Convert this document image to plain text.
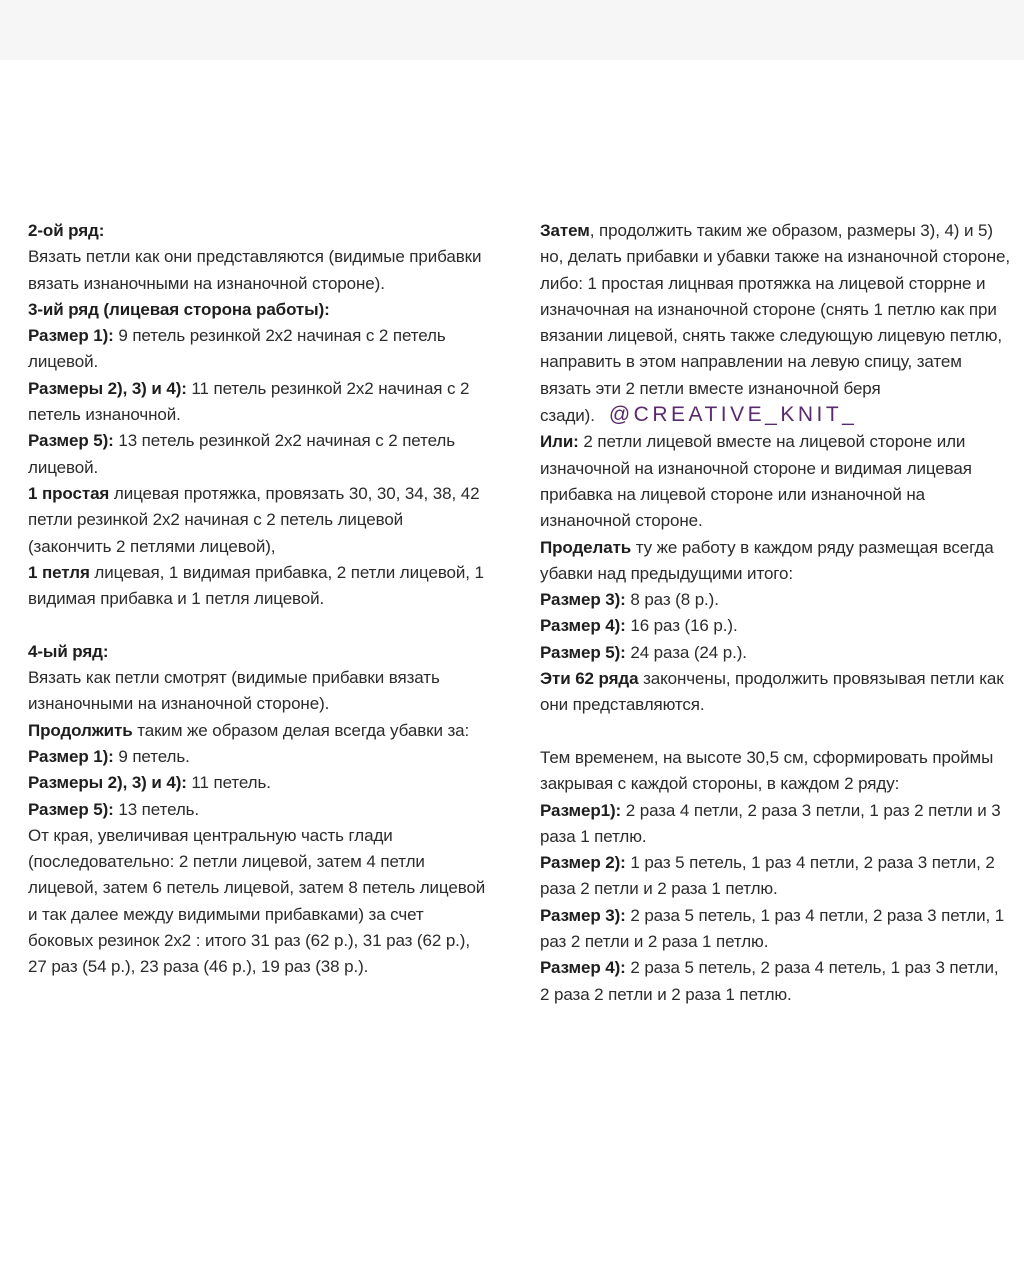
2-ой ряд:

Вязать петли как они представляются (видимые прибавки вязать изнаночными на изнаночной стороне).

3-ий ряд (лицевая сторона работы):

Размер 1): 9 петель резинкой 2х2 начиная с 2 петель лицевой.

Размеры 2), 3) и 4): 11 петель резинкой 2х2 начиная с 2 петель изнаночной.

Размер 5): 13 петель резинкой 2х2 начиная с 2 петель лицевой.

1 простая лицевая протяжка, провязать 30, 30, 34, 38, 42 петли резинкой 2х2 начиная с 2 петель лицевой (закончить 2 петлями лицевой),

1 петля лицевая, 1 видимая прибавка, 2 петли лицевой, 1 видимая прибавка и 1 петля лицевой.

4-ый ряд:

Вязать как петли смотрят (видимые прибавки вязать изнаночными на изнаночной стороне).

Продолжить таким же образом делая всегда убавки за:

Размер 1): 9 петель.

Размеры 2), 3) и 4): 11 петель.

Размер 5): 13 петель.

От края, увеличивая центральную часть глади (последовательно: 2 петли лицевой, затем 4 петли лицевой, затем 6 петель лицевой, затем 8 петель лицевой и так далее между видимыми прибавками) за счет боковых резинок 2х2 : итого 31 раз (62 р.), 31 раз (62 р.), 27 раз (54 р.), 23 раза (46 р.), 19 раз (38 р.).

Затем, продолжить таким же образом, размеры 3), 4) и 5) но, делать прибавки и убавки также на изнаночной стороне, либо: 1 простая лицнвая протяжка на лицевой сторрне и изначочная на изнаночной стороне (снять 1 петлю как при вязании лицевой, снять также следующую лицевую петлю, направить в этом направлении на левую спицу, затем вязать эти 2 петли вместе изнаночной беря сзади). @CREATIVE_KNIT_

Или: 2 петли лицевой вместе на лицевой стороне или изначочной на изнаночной стороне и видимая лицевая прибавка на лицевой стороне или изнаночной на изнаночной стороне.

Проделать ту же работу в каждом ряду размещая всегда убавки над предыдущими итого:

Размер 3): 8 раз (8 р.).

Размер 4): 16 раз (16 р.).

Размер 5): 24 раза (24 р.).

Эти 62 ряда закончены, продолжить провязывая петли как они представляются.

Тем временем, на высоте 30,5 см, сформировать проймы закрывая с каждой стороны, в каждом 2 ряду:

Размер1): 2 раза 4 петли, 2 раза 3 петли, 1 раз 2 петли и 3 раза 1 петлю.

Размер 2): 1 раз 5 петель, 1 раз 4 петли, 2 раза 3 петли, 2 раза 2 петли и 2 раза 1 петлю.

Размер 3): 2 раза 5 петель, 1 раз 4 петли, 2 раза 3 петли, 1 раз 2 петли и 2 раза 1 петлю.

Размер 4): 2 раза 5 петель, 2 раза 4 петель, 1 раз 3 петли, 2 раза 2 петли и 2 раза 1 петлю.
